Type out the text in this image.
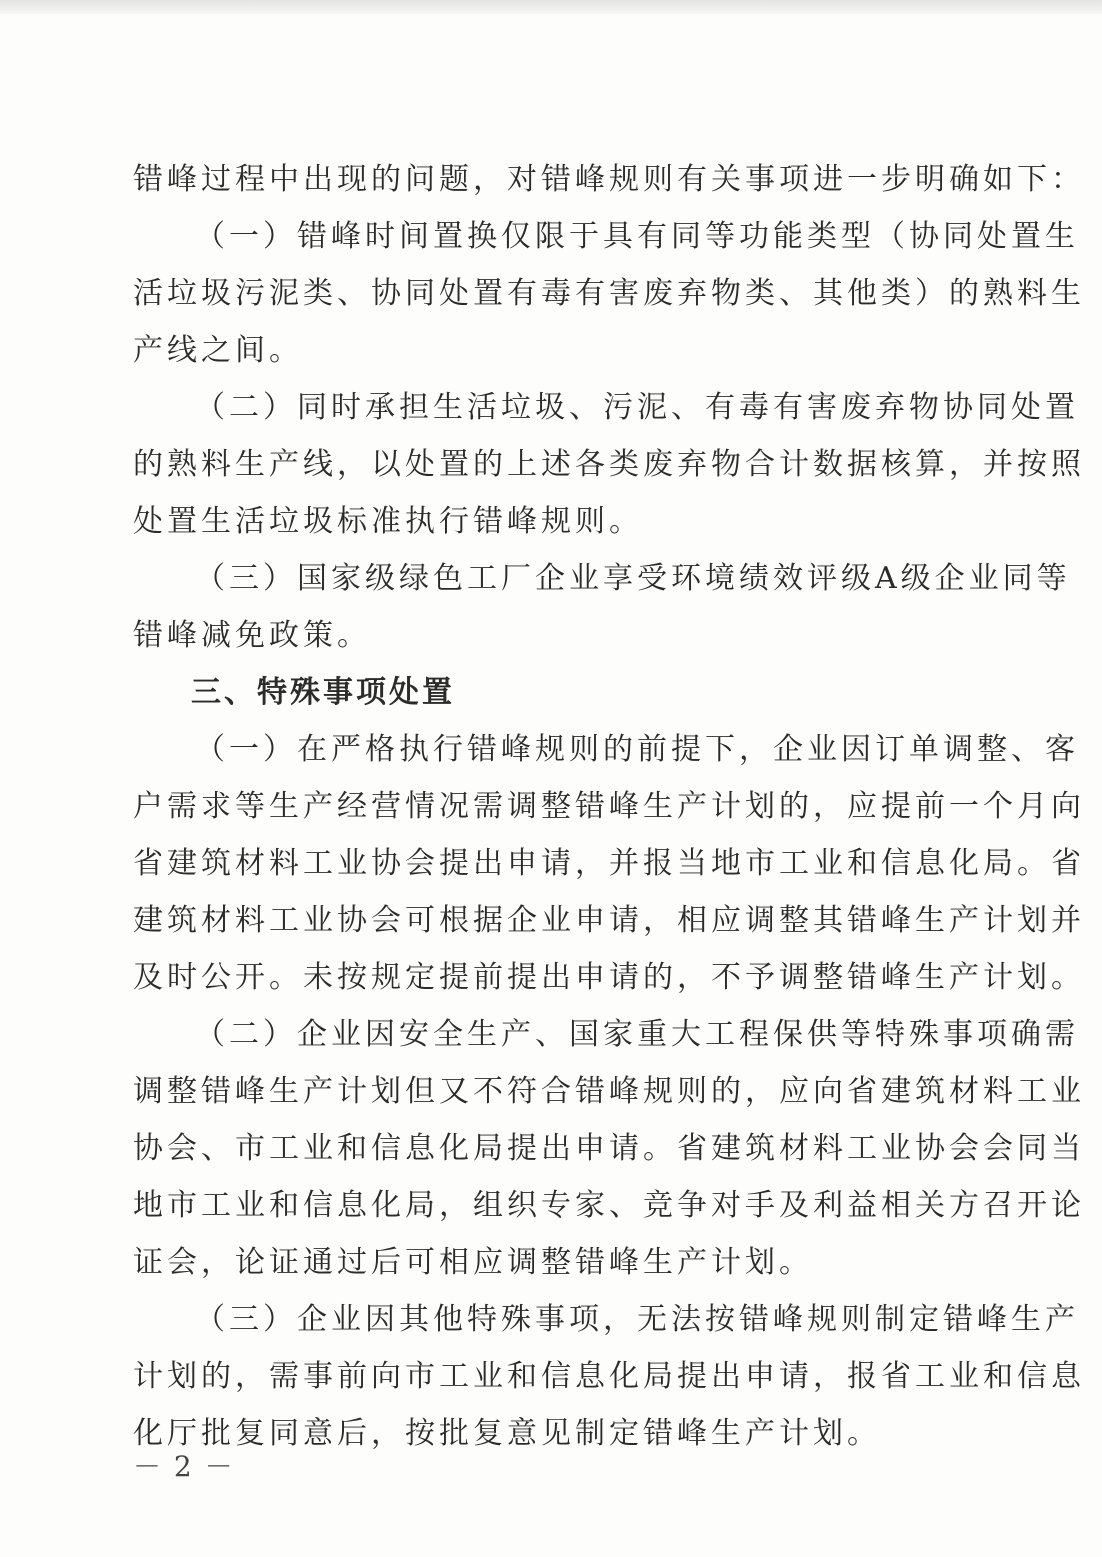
错峰过程中出现的问题，对错峰规则有关事项进一步明确如下：
（一）错峰时间置换仅限于具有同等功能类型（协同处置生
活垃圾污泥类、协同处置有毒有害废弃物类、其他类）的熟料生
产线之间。
（二）同时承担生活垃圾、污泥、有毒有害废弃物协同处置
的熟料生产线，以处置的上述各类废弃物合计数据核算，并按照
处置生活垃圾标准执行错峰规则。
（三）国家级绿色工厂企业享受环境绩效评级A级企业同等
错峰减免政策。
三、特殊事项处置
（一）在严格执行错峰规则的前提下，企业因订单调整、客
户需求等生产经营情况需调整错峰生产计划的，应提前一个月向
省建筑材料工业协会提出申请，并报当地市工业和信息化局。省
建筑材料工业协会可根据企业申请，相应调整其错峰生产计划并
及时公开。未按规定提前提出申请的，不予调整错峰生产计划。
（二）企业因安全生产、国家重大工程保供等特殊事项确需
调整错峰生产计划但又不符合错峰规则的，应向省建筑材料工业
协会、市工业和信息化局提出申请。省建筑材料工业协会会同当
地市工业和信息化局，组织专家、竞争对手及利益相关方召开论
证会，论证通过后可相应调整错峰生产计划。
（三）企业因其他特殊事项，无法按错峰规则制定错峰生产
计划的，需事前向市工业和信息化局提出申请，报省工业和信息
化厅批复同意后，按批复意见制定错峰生产计划。
－ 2 －
